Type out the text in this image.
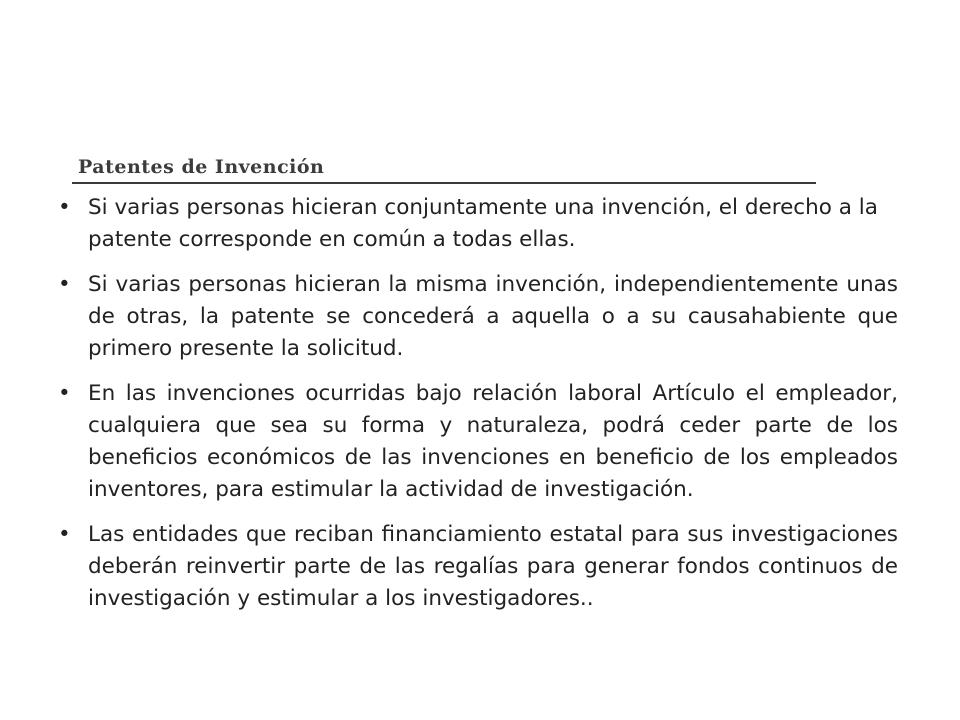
Patentes de Invención
• Si varias personas hicieran conjuntamente una invención, el derecho a la patente corresponde en común a todas ellas.
• Si varias personas hicieran la misma invención, independientemente unas de otras, la patente se concederá a aquella o a su causahabiente que primero presente la solicitud.
• En las invenciones ocurridas bajo relación laboral Artículo el empleador, cualquiera que sea su forma y naturaleza, podrá ceder parte de los beneficios económicos de las invenciones en beneficio de los empleados inventores, para estimular la actividad de investigación.
• Las entidades que reciban financiamiento estatal para sus investigaciones deberán reinvertir parte de las regalías para generar fondos continuos de investigación y estimular a los investigadores..
